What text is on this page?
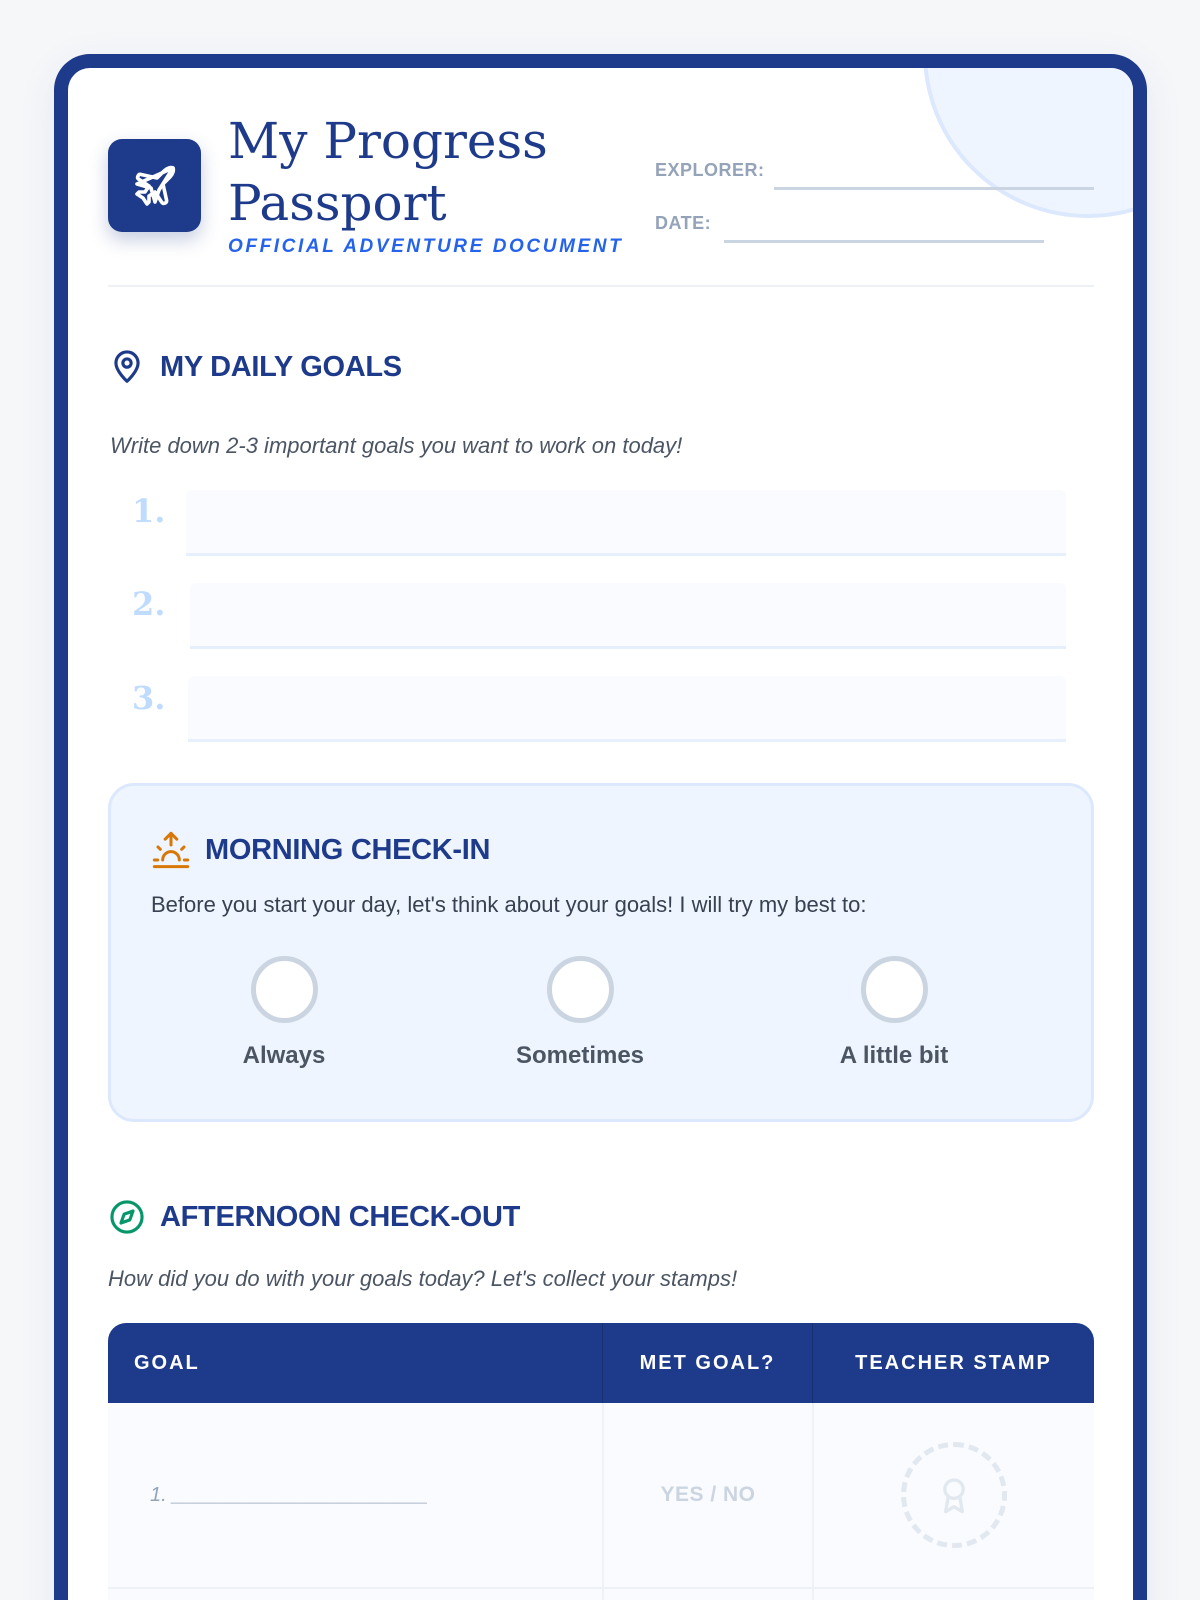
My Progress Passport
OFFICIAL ADVENTURE DOCUMENT
EXPLORER:
DATE:
MY DAILY GOALS
Write down 2-3 important goals you want to work on today!
1.
2.
3.
MORNING CHECK-IN
Before you start your day, let's think about your goals! I will try my best to:
Always	Sometimes	A little bit
AFTERNOON CHECK-OUT
How did you do with your goals today? Let's collect your stamps!
GOAL	MET GOAL?	TEACHER STAMP
1. _______________________	YES / NO
